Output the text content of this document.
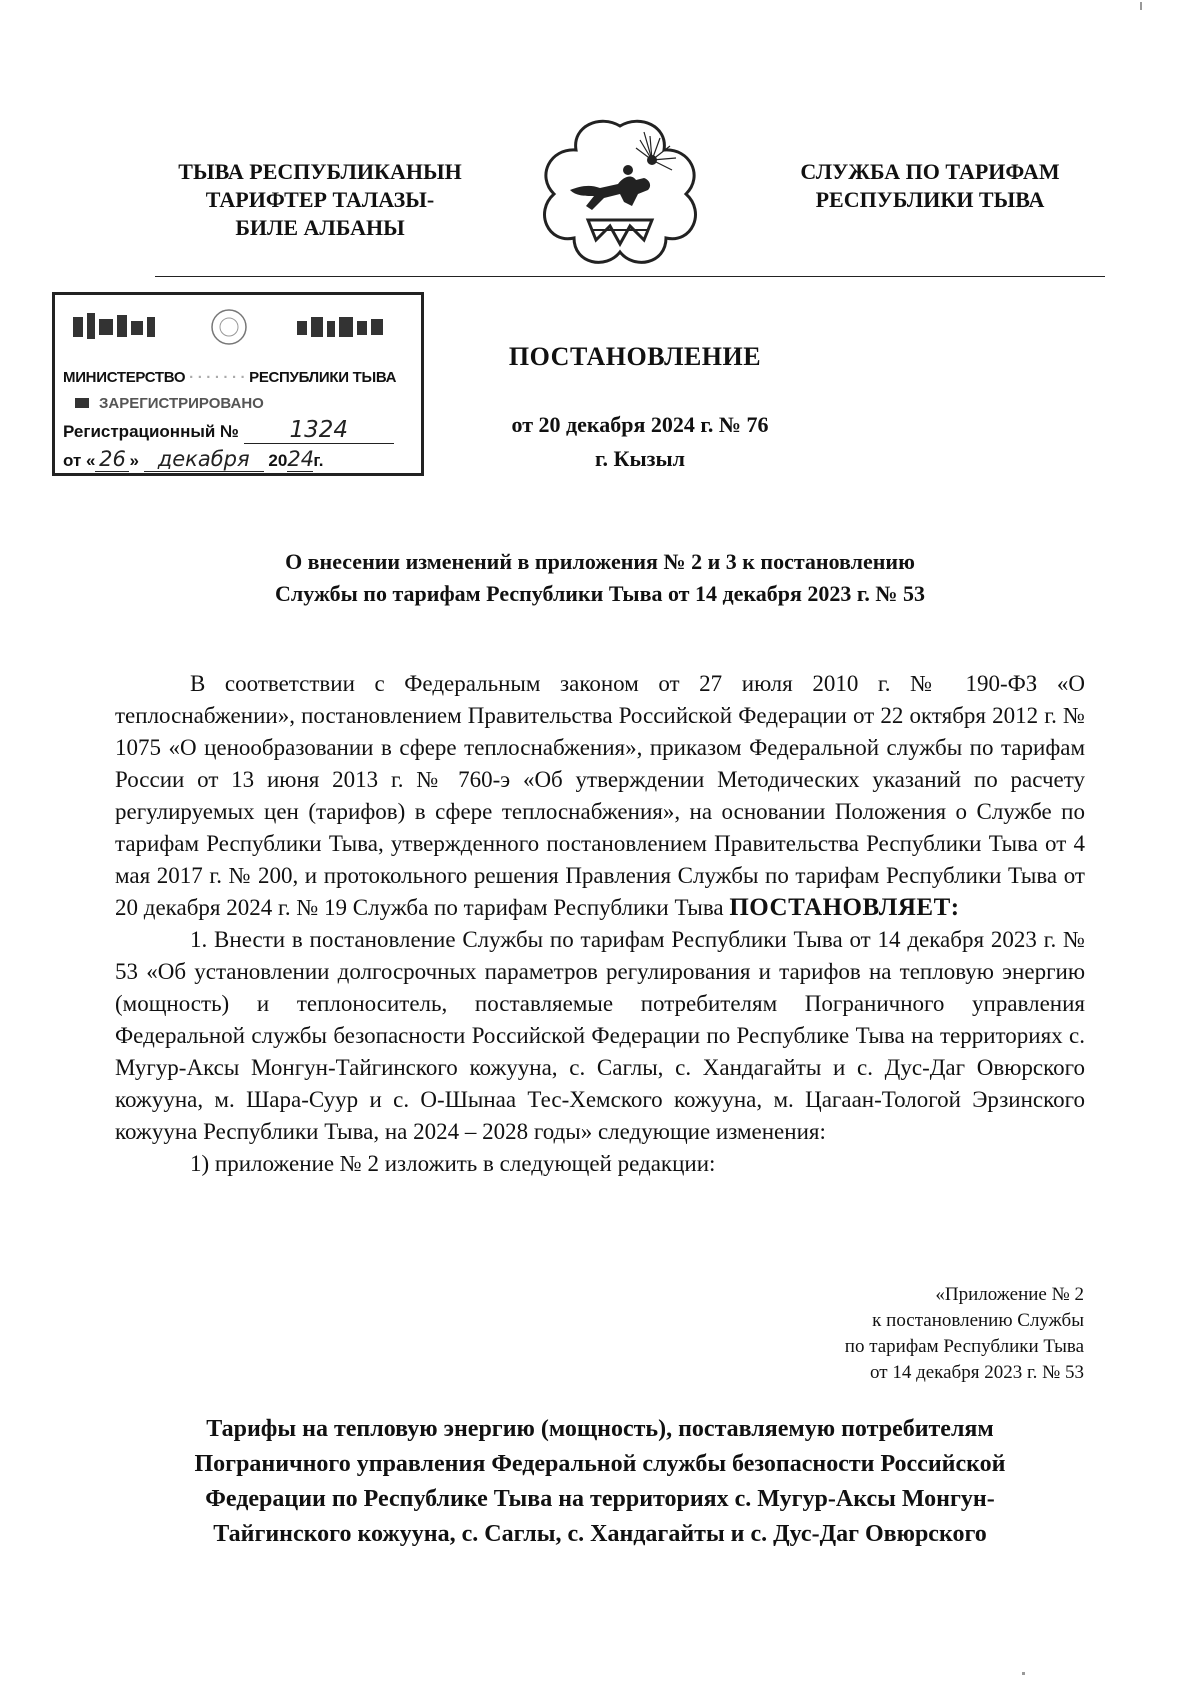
ТЫВА РЕСПУБЛИКАНЫН
ТАРИФТЕР ТАЛАЗЫ-
БИЛЕ АЛБАНЫ
СЛУЖБА ПО ТАРИФАМ
РЕСПУБЛИКИ ТЫВА
МИНИСТЕРСТВО · · · · · · · РЕСПУБЛИКИ ТЫВА
ЗАРЕГИСТРИРОВАНО
Регистрационный № 1324
от « 26 » декабря 2024г.
ПОСТАНОВЛЕНИЕ
от 20 декабря 2024 г. № 76
г. Кызыл
О внесении изменений в приложения № 2 и 3 к постановлению
Службы по тарифам Республики Тыва от 14 декабря 2023 г. № 53

В соответствии с Федеральным законом от 27 июля 2010 г. № 190-ФЗ «О теплоснабжении», постановлением Правительства Российской Федерации от 22 октября 2012 г. № 1075 «О ценообразовании в сфере теплоснабжения», приказом Федеральной службы по тарифам России от 13 июня 2013 г. № 760-э «Об утверждении Методических указаний по расчету регулируемых цен (тарифов) в сфере теплоснабжения», на основании Положения о Службе по тарифам Республики Тыва, утвержденного постановлением Правительства Республики Тыва от 4 мая 2017 г. № 200, и протокольного решения Правления Службы по тарифам Республики Тыва от 20 декабря 2024 г. № 19 Служба по тарифам Республики Тыва ПОСТАНОВЛЯЕТ:

1. Внести в постановление Службы по тарифам Республики Тыва от 14 декабря 2023 г. № 53 «Об установлении долгосрочных параметров регулирования и тарифов на тепловую энергию (мощность) и теплоноситель, поставляемые потребителям Пограничного управления Федеральной службы безопасности Российской Федерации по Республике Тыва на территориях с. Мугур-Аксы Монгун-Тайгинского кожууна, с. Саглы, с. Хандагайты и с. Дус-Даг Овюрского кожууна, м. Шара-Суур и с. О-Шынаа Тес-Хемского кожууна, м. Цагаан-Тологой Эрзинского кожууна Республики Тыва, на 2024 – 2028 годы» следующие изменения:

1) приложение № 2 изложить в следующей редакции:

«Приложение № 2
к постановлению Службы
по тарифам Республики Тыва
от 14 декабря 2023 г. № 53
Тарифы на тепловую энергию (мощность), поставляемую потребителям
Пограничного управления Федеральной службы безопасности Российской
Федерации по Республике Тыва на территориях с. Мугур-Аксы Монгун-
Тайгинского кожууна, с. Саглы, с. Хандагайты и с. Дус-Даг Овюрского
